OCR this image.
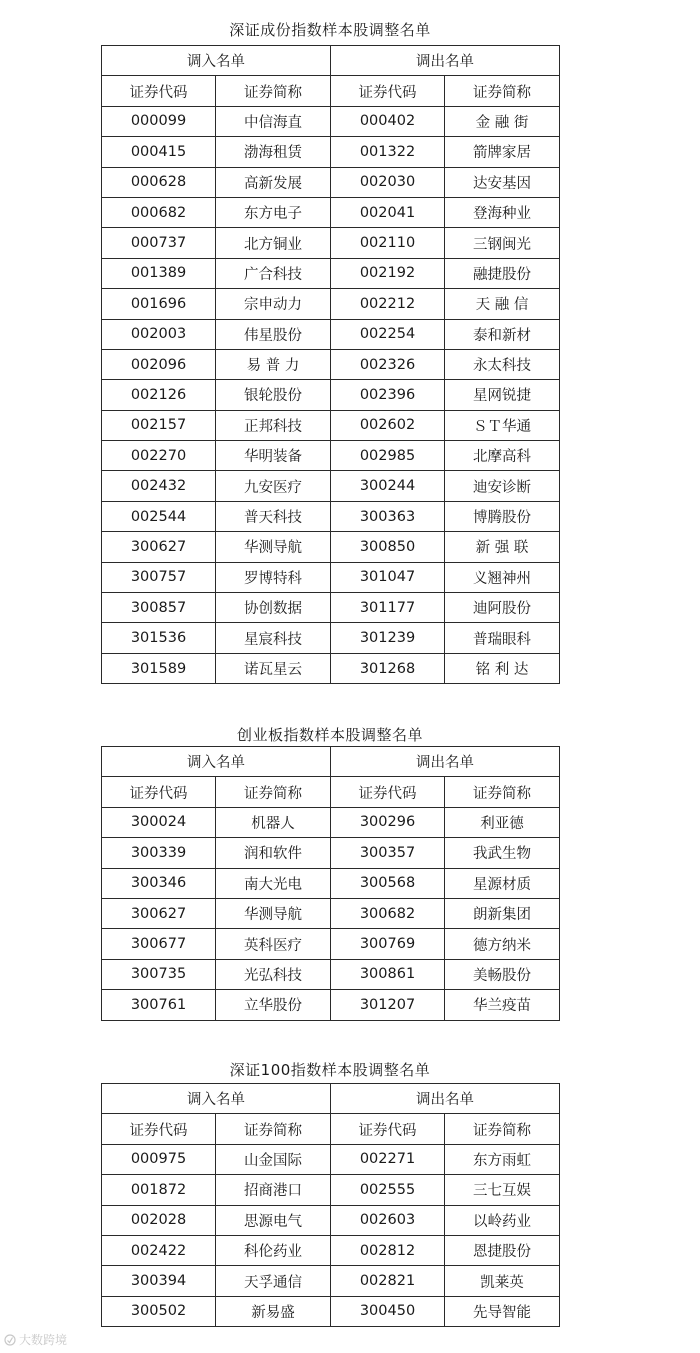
深证成份指数样本股调整名单
调入名单		调出名单	
证券代码	证券简称	证券代码	证券简称
000099	中信海直	000402	金 融 街
000415	渤海租赁	001322	箭牌家居
000628	高新发展	002030	达安基因
000682	东方电子	002041	登海种业
000737	北方铜业	002110	三钢闽光
001389	广合科技	002192	融捷股份
001696	宗申动力	002212	天 融 信
002003	伟星股份	002254	泰和新材
002096	易 普 力	002326	永太科技
002126	银轮股份	002396	星网锐捷
002157	正邦科技	002602	ＳＴ华通
002270	华明装备	002985	北摩高科
002432	九安医疗	300244	迪安诊断
002544	普天科技	300363	博腾股份
300627	华测导航	300850	新 强 联
300757	罗博特科	301047	义翘神州
300857	协创数据	301177	迪阿股份
301536	星宸科技	301239	普瑞眼科
301589	诺瓦星云	301268	铭 利 达
创业板指数样本股调整名单
调入名单		调出名单	
证券代码	证券简称	证券代码	证券简称
300024	机器人	300296	利亚德
300339	润和软件	300357	我武生物
300346	南大光电	300568	星源材质
300627	华测导航	300682	朗新集团
300677	英科医疗	300769	德方纳米
300735	光弘科技	300861	美畅股份
300761	立华股份	301207	华兰疫苗
深证100指数样本股调整名单
调入名单		调出名单	
证券代码	证券简称	证券代码	证券简称
000975	山金国际	002271	东方雨虹
001872	招商港口	002555	三七互娱
002028	思源电气	002603	以岭药业
002422	科伦药业	002812	恩捷股份
300394	天孚通信	002821	凯莱英
300502	新易盛	300450	先导智能
大数跨境
